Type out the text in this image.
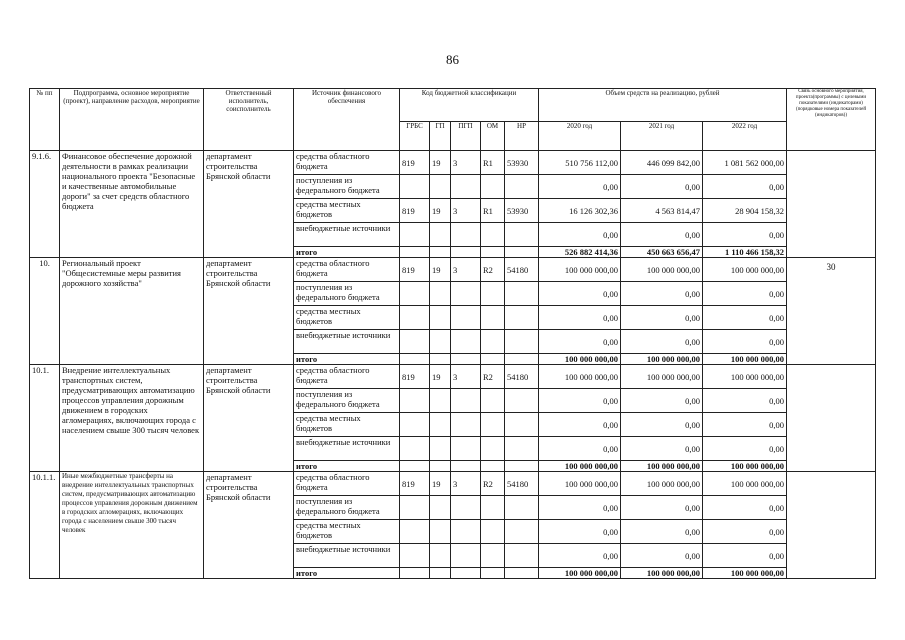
86
№ пп	Подпрограмма, основное мероприятие (проект), направление расходов, мероприятие	Ответственный исполнитель, соисполнитель	Источник финансового обеспечения	Код бюджетной классификации					Объем средств на реализацию, рублей			Связь основного мероприятия, проекта(программы) с целевыми показателями (индикаторами) (порядковые номера показателей (индикаторов))
				ГРБС	ГП	ПГП	ОМ	НР	2020 год	2021 год	2022 год	
9.1.6.	Финансовое обеспечение дорожной деятельности в рамках реализации национального проекта "Безопасные и качественные автомобильные дороги" за счет средств областного бюджета	департамент строительства Брянской области	средства областного бюджета	819	19	3	R1	53930	510 756 112,00	446 099 842,00	1 081 562 000,00	
			поступления из федерального бюджета						0,00	0,00	0,00	
			средства местных бюджетов	819	19	3	R1	53930	16 126 302,36	4 563 814,47	28 904 158,32	
			внебюджетные источники						0,00	0,00	0,00	
			итого						526 882 414,36	450 663 656,47	1 110 466 158,32	
10.	Региональный проект "Общесистемные меры развития дорожного хозяйства"	департамент строительства Брянской области	средства областного бюджета	819	19	3	R2	54180	100 000 000,00	100 000 000,00	100 000 000,00	30
			поступления из федерального бюджета						0,00	0,00	0,00	
			средства местных бюджетов						0,00	0,00	0,00	
			внебюджетные источники						0,00	0,00	0,00	
			итого						100 000 000,00	100 000 000,00	100 000 000,00	
10.1.	Внедрение интеллектуальных транспортных систем, предусматривающих автоматизацию процессов управления дорожным движением в городских агломерациях, включающих города с населением свыше 300 тысяч человек	департамент строительства Брянской области	средства областного бюджета	819	19	3	R2	54180	100 000 000,00	100 000 000,00	100 000 000,00	
			поступления из федерального бюджета						0,00	0,00	0,00	
			средства местных бюджетов						0,00	0,00	0,00	
			внебюджетные источники						0,00	0,00	0,00	
			итого						100 000 000,00	100 000 000,00	100 000 000,00	
10.1.1.	Иные межбюджетные трансферты на внедрение интеллектуальных транспортных систем, предусматривающих автоматизацию процессов управления дорожным движением в городских агломерациях, включающих города с населением свыше 300 тысяч человек	департамент строительства Брянской области	средства областного бюджета	819	19	3	R2	54180	100 000 000,00	100 000 000,00	100 000 000,00	
			поступления из федерального бюджета						0,00	0,00	0,00	
			средства местных бюджетов						0,00	0,00	0,00	
			внебюджетные источники						0,00	0,00	0,00	
			итого						100 000 000,00	100 000 000,00	100 000 000,00	
